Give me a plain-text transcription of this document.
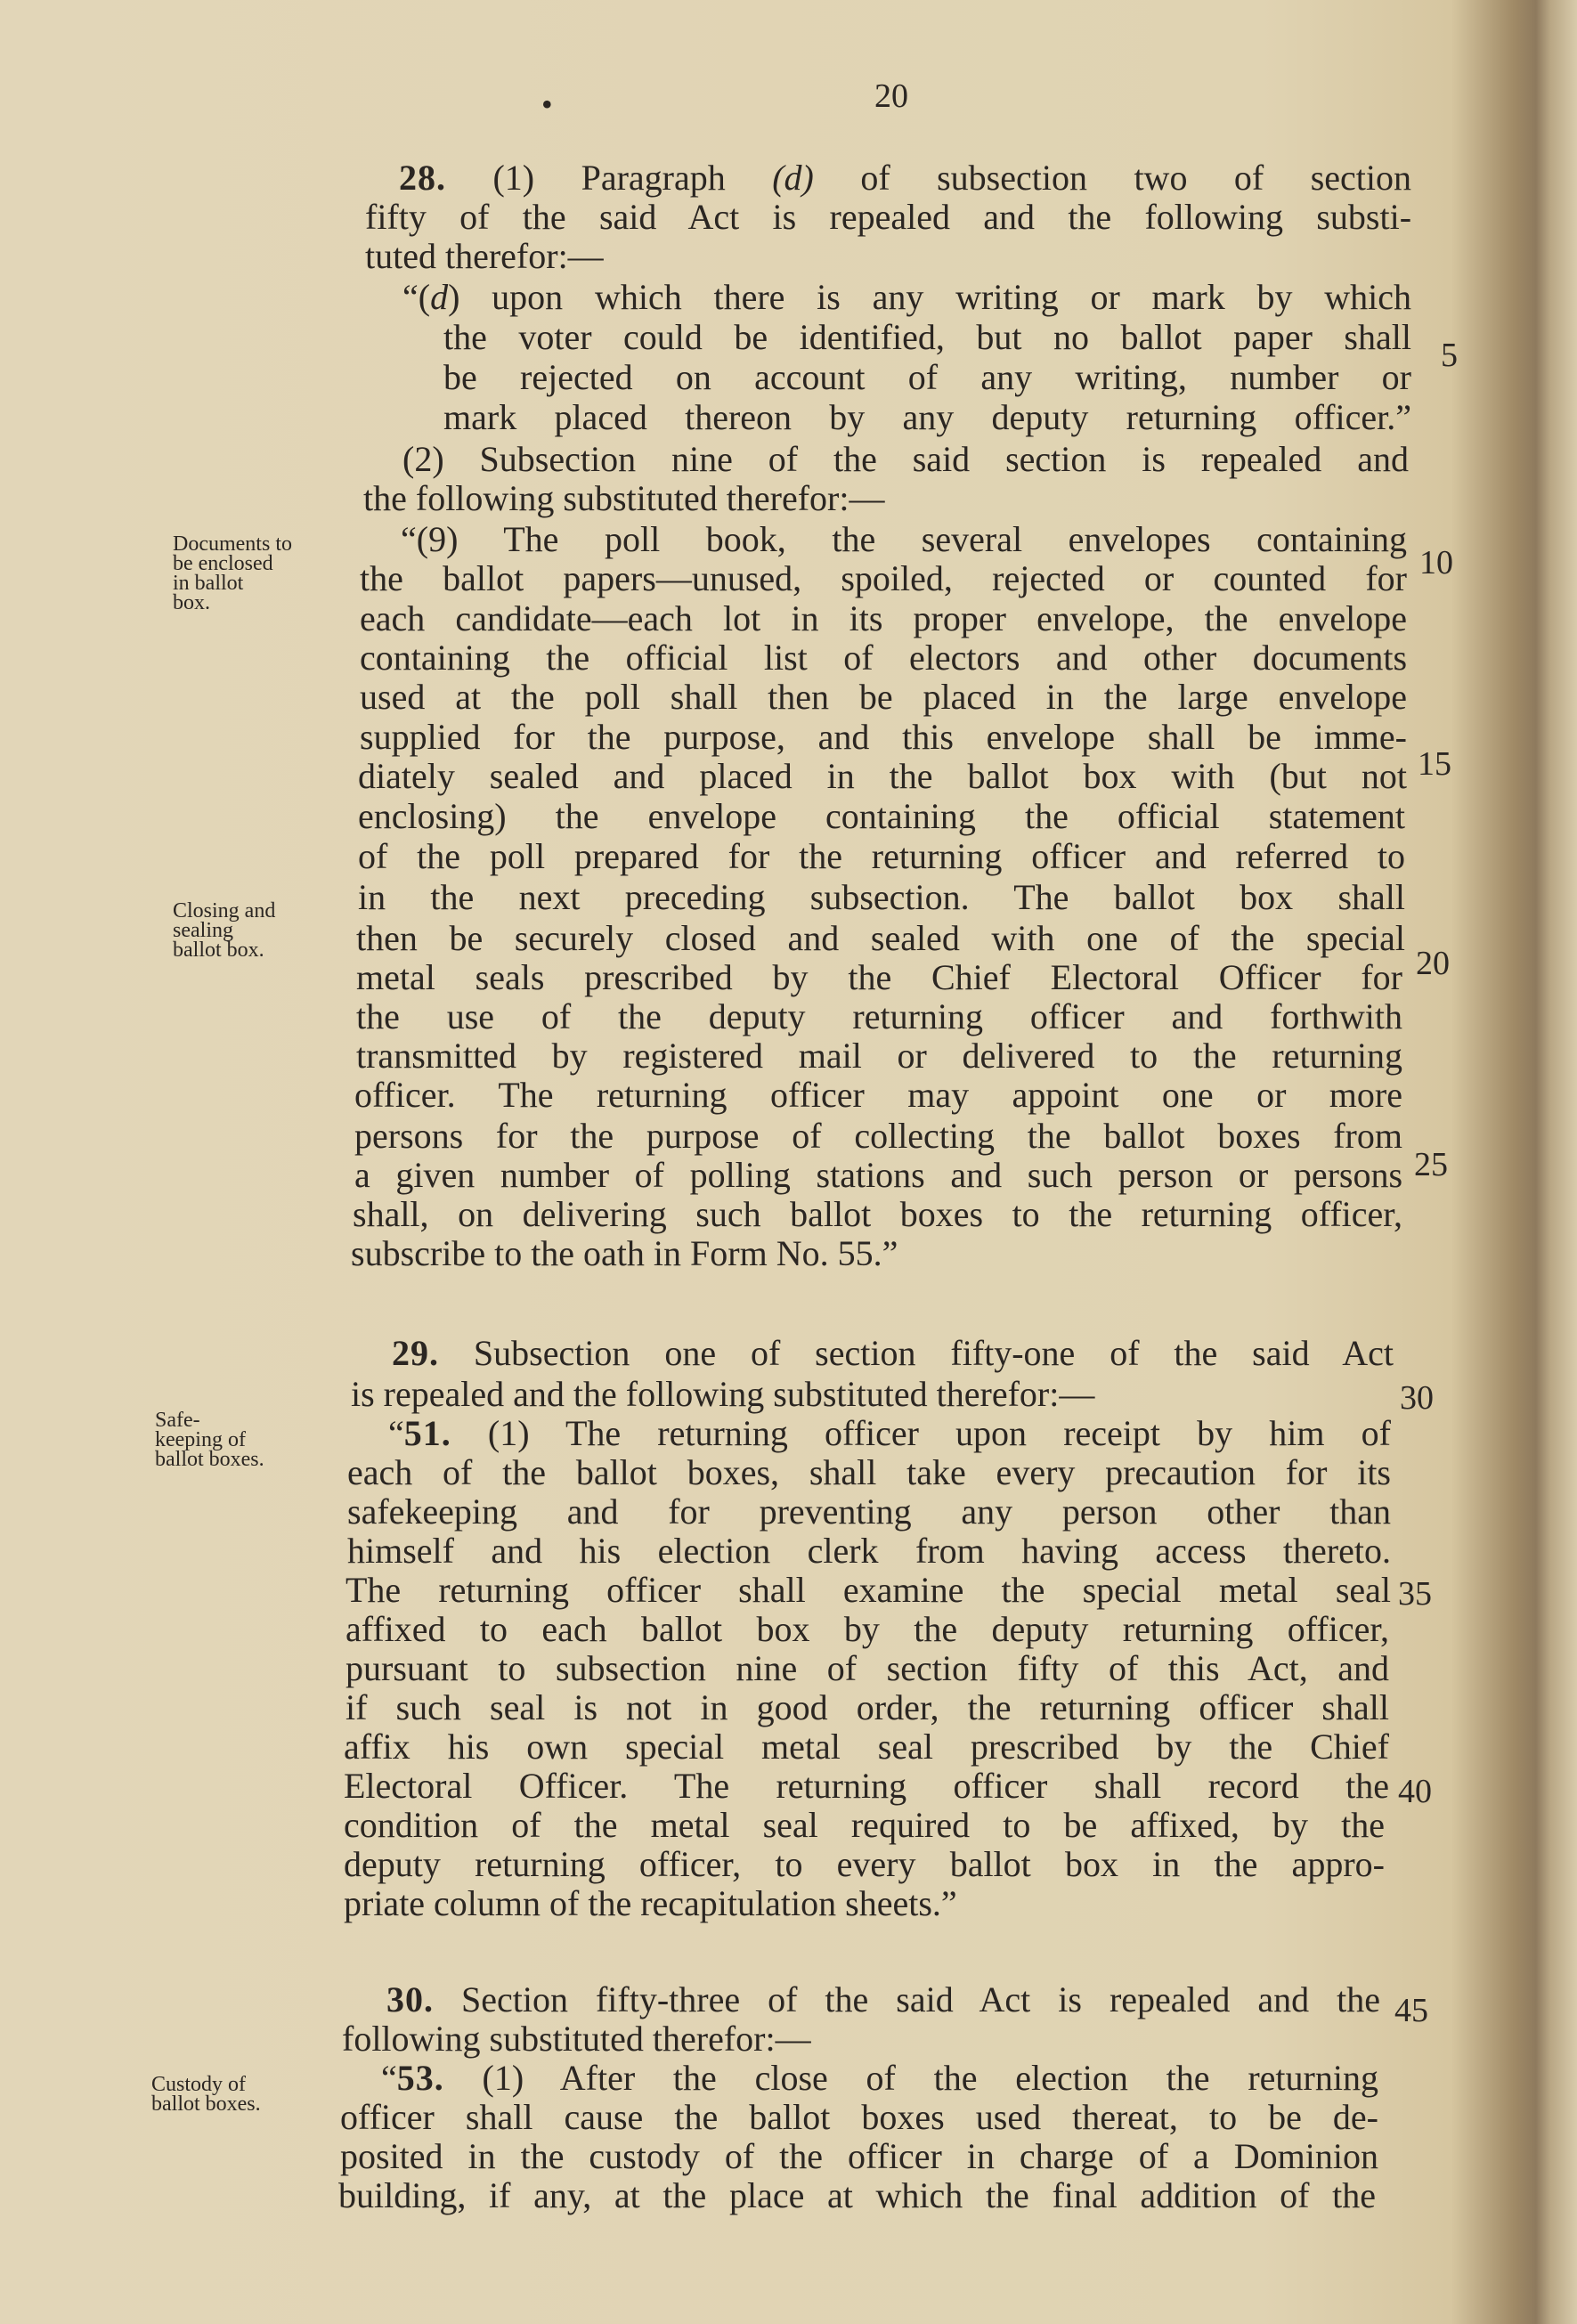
•	20
28. (1) Paragraph (d) of subsection two of section
fifty of the said Act is repealed and the following substi-
tuted therefor:—
“(d) upon which there is any writing or mark by which
the voter could be identified, but no ballot paper shall
be rejected on account of any writing, number or
mark placed thereon by any deputy returning officer.”
(2) Subsection nine of the said section is repealed and
the following substituted therefor:—
“(9) The poll book, the several envelopes containing
the ballot papers—unused, spoiled, rejected or counted for
each candidate—each lot in its proper envelope, the envelope
containing the official list of electors and other documents
used at the poll shall then be placed in the large envelope
supplied for the purpose, and this envelope shall be imme-
diately sealed and placed in the ballot box with (but not
enclosing) the envelope containing the official statement
of the poll prepared for the returning officer and referred to
in the next preceding subsection. The ballot box shall
then be securely closed and sealed with one of the special
metal seals prescribed by the Chief Electoral Officer for
the use of the deputy returning officer and forthwith
transmitted by registered mail or delivered to the returning
officer. The returning officer may appoint one or more
persons for the purpose of collecting the ballot boxes from
a given number of polling stations and such person or persons
shall, on delivering such ballot boxes to the returning officer,
subscribe to the oath in Form No. 55.”
29. Subsection one of section fifty-one of the said Act
is repealed and the following substituted therefor:—
“51. (1) The returning officer upon receipt by him of
each of the ballot boxes, shall take every precaution for its
safekeeping and for preventing any person other than
himself and his election clerk from having access thereto.
The returning officer shall examine the special metal seal
affixed to each ballot box by the deputy returning officer,
pursuant to subsection nine of section fifty of this Act, and
if such seal is not in good order, the returning officer shall
affix his own special metal seal prescribed by the Chief
Electoral Officer. The returning officer shall record the
condition of the metal seal required to be affixed, by the
deputy returning officer, to every ballot box in the appro-
priate column of the recapitulation sheets.”
30. Section fifty-three of the said Act is repealed and the
following substituted therefor:—
“53. (1) After the close of the election the returning
officer shall cause the ballot boxes used thereat, to be de-
posited in the custody of the officer in charge of a Dominion
building, if any, at the place at which the final addition of the
5
10
15
20
25
30
35
40
45
Documents to
be enclosed
in ballot
box.
Closing and
sealing
ballot box.
Safe-
keeping of
ballot boxes.
Custody of
ballot boxes.
